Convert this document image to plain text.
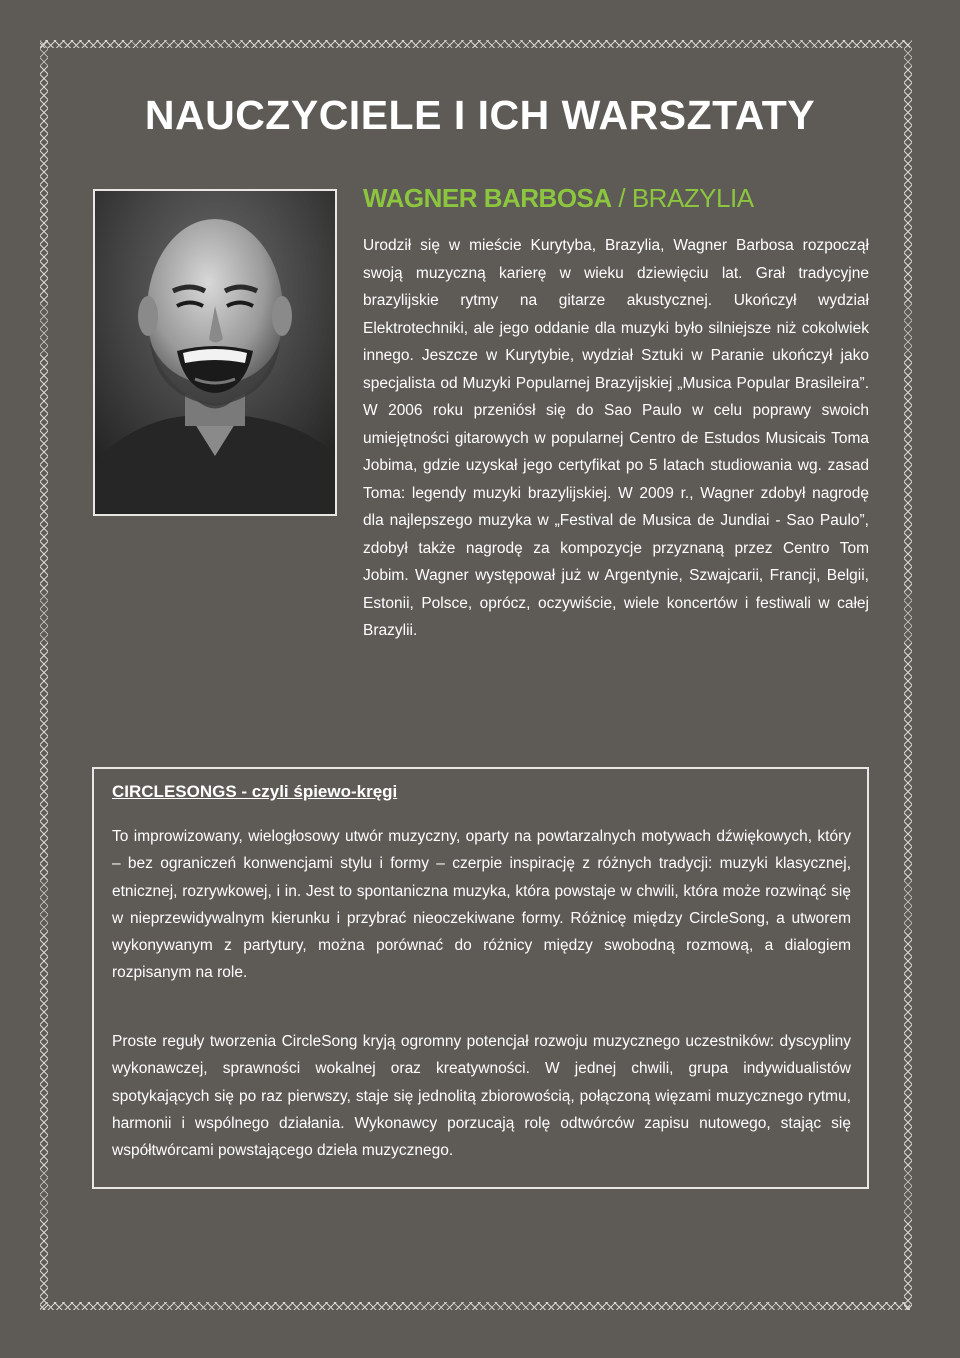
NAUCZYCIELE I ICH WARSZTATY
WAGNER BARBOSA / BRAZYLIA

Urodził się w mieście Kurytyba, Brazylia, Wagner Barbosa rozpoczął swoją muzyczną karierę w wieku dziewięciu lat. Grał tradycyjne brazylijskie rytmy na gitarze akustycznej. Ukończył wydział Elektrotechniki, ale jego oddanie dla muzyki było silniejsze niż cokolwiek innego. Jeszcze w Kurytybie, wydział Sztuki w Paranie ukończył jako specjalista od Muzyki Popularnej Brazyijskiej „Musica Popular Brasileira”. W 2006 roku przeniósł się do Sao Paulo w celu poprawy swoich umiejętności gitarowych w popularnej Centro de Estudos Musicais Toma Jobima, gdzie uzyskał jego certyfikat po 5 latach studiowania wg. zasad Toma: legendy muzyki brazylijskiej. W 2009 r., Wagner zdobył nagrodę dla najlepszego muzyka w „Festival de Musica de Jundiai - Sao Paulo”, zdobył także nagrodę za kompozycje przyznaną przez Centro Tom Jobim. Wagner występował już w Argentynie, Szwajcarii, Francji, Belgii, Estonii, Polsce, oprócz, oczywiście, wiele koncertów i festiwali w całej Brazylii.

CIRCLESONGS - czyli śpiewo-kręgi

To improwizowany, wielogłosowy utwór muzyczny, oparty na powtarzalnych motywach dźwiękowych, który – bez ograniczeń konwencjami stylu i formy – czerpie inspirację z różnych tradycji: muzyki klasycznej, etnicznej, rozrywkowej, i in. Jest to spontaniczna muzyka, która powstaje w chwili, która może rozwinąć się w nieprzewidywalnym kierunku i przybrać nieoczekiwane formy. Różnicę między CircleSong, a utworem wykonywanym z partytury, można porównać do różnicy między swobodną rozmową, a dialogiem rozpisanym na role.

Proste reguły tworzenia CircleSong kryją ogromny potencjał rozwoju muzycznego uczestników: dyscypliny wykonawczej, sprawności wokalnej oraz kreatywności. W jednej chwili, grupa indywidualistów spotykających się po raz pierwszy, staje się jednolitą zbiorowością, połączoną więzami muzycznego rytmu, harmonii i wspólnego działania. Wykonawcy porzucają rolę odtwórców zapisu nutowego, stając się współtwórcami powstającego dzieła muzycznego.
